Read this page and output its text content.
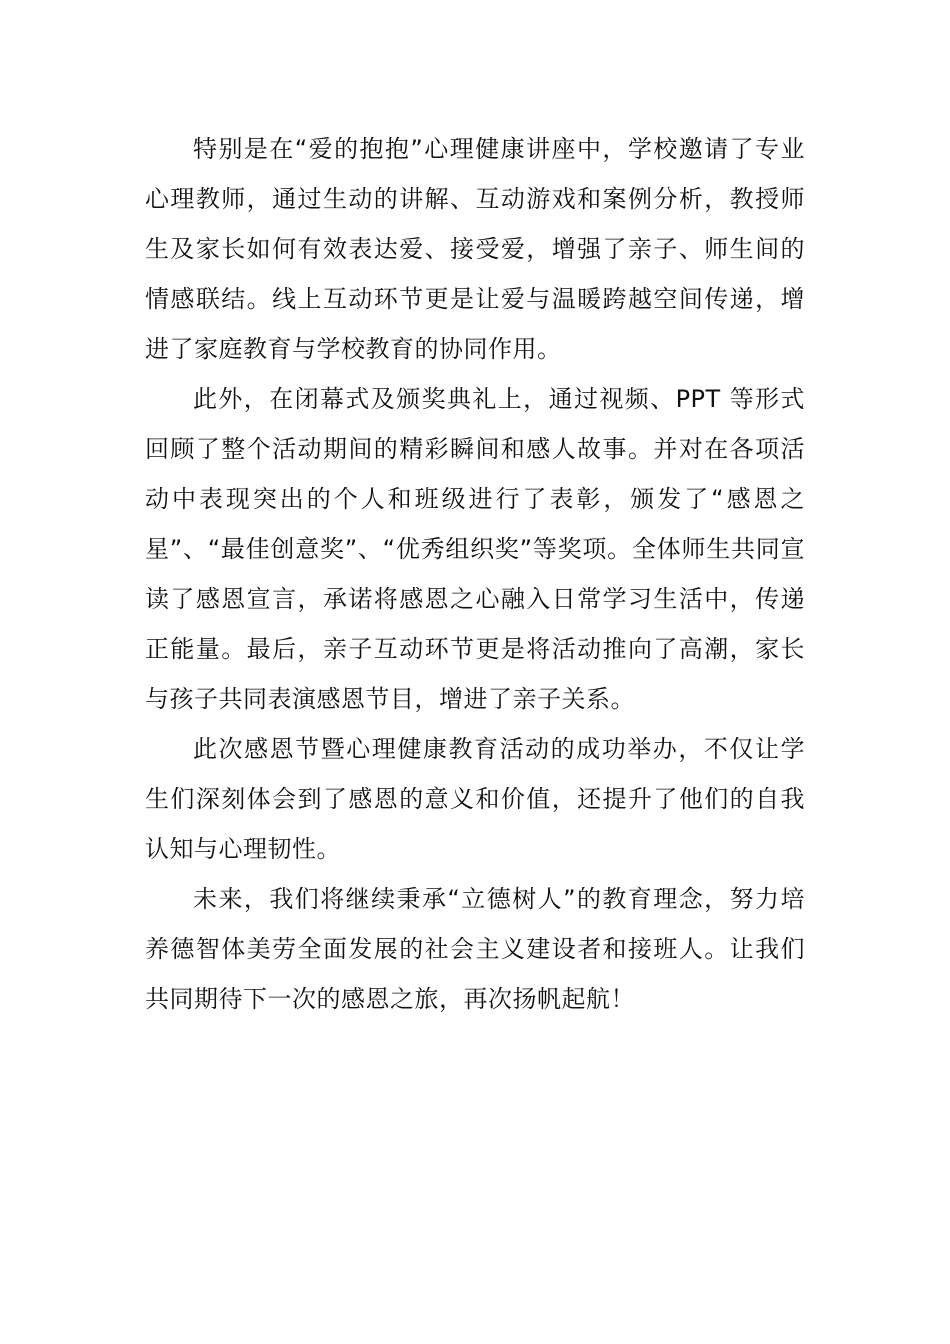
特别是在“爱的抱抱”心理健康讲座中，学校邀请了专业心理教师，通过生动的讲解、互动游戏和案例分析，教授师生及家长如何有效表达爱、接受爱，增强了亲子、师生间的情感联结。线上互动环节更是让爱与温暖跨越空间传递，增进了家庭教育与学校教育的协同作用。

此外，在闭幕式及颁奖典礼上，通过视频、PPT 等形式回顾了整个活动期间的精彩瞬间和感人故事。并对在各项活动中表现突出的个人和班级进行了表彰，颁发了“感恩之星”、“最佳创意奖”、“优秀组织奖”等奖项。全体师生共同宣读了感恩宣言，承诺将感恩之心融入日常学习生活中，传递正能量。最后，亲子互动环节更是将活动推向了高潮，家长与孩子共同表演感恩节目，增进了亲子关系。

此次感恩节暨心理健康教育活动的成功举办，不仅让学生们深刻体会到了感恩的意义和价值，还提升了他们的自我认知与心理韧性。

未来，我们将继续秉承“立德树人”的教育理念，努力培养德智体美劳全面发展的社会主义建设者和接班人。让我们共同期待下一次的感恩之旅，再次扬帆起航！
